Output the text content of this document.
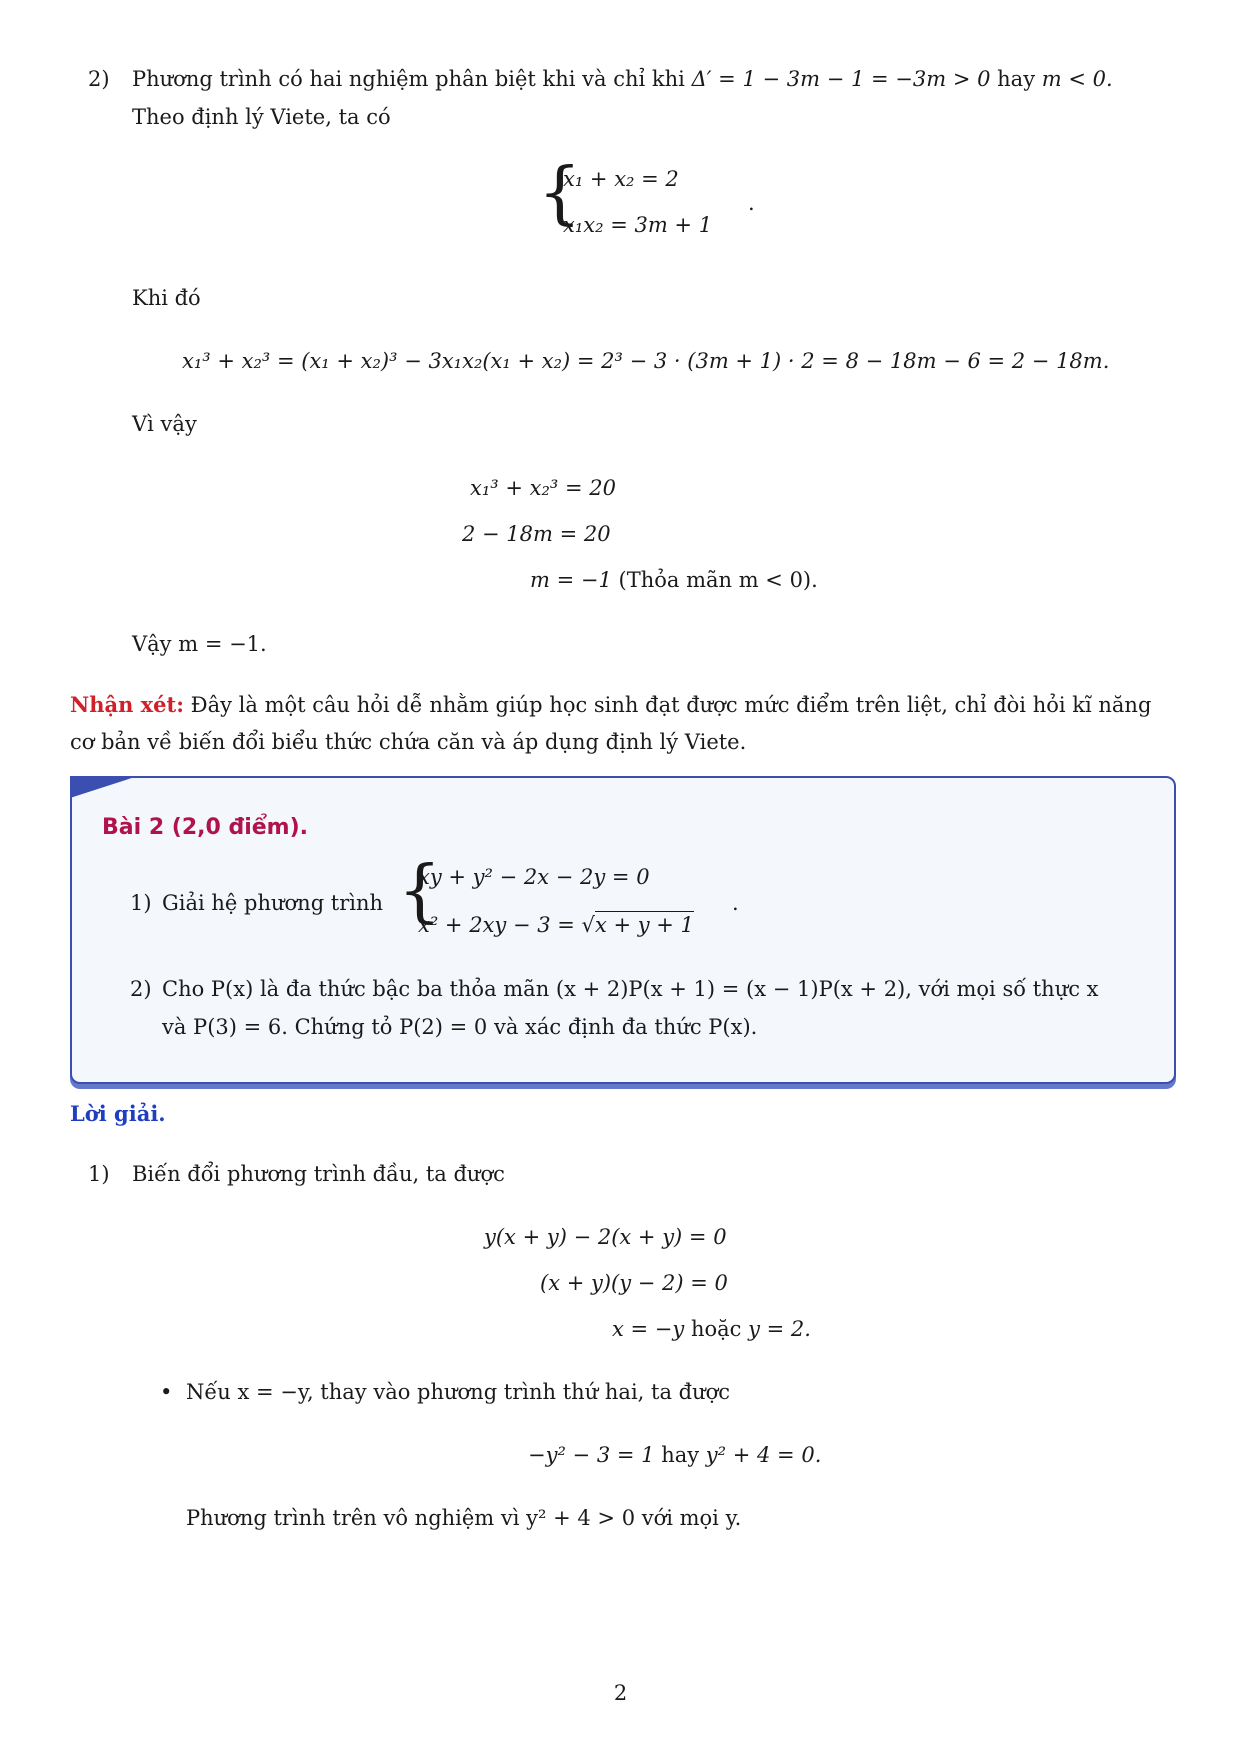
2) Phương trình có hai nghiệm phân biệt khi và chỉ khi Δ′ = 1 − 3m − 1 = −3m > 0 hay m < 0.
Theo định lý Viete, ta có
{
x₁ + x₂ = 2
x₁x₂ = 3m + 1
.
Khi đó
x₁³ + x₂³ = (x₁ + x₂)³ − 3x₁x₂(x₁ + x₂) = 2³ − 3 · (3m + 1) · 2 = 8 − 18m − 6 = 2 − 18m.
Vì vậy
x₁³ + x₂³ = 20
2 − 18m = 20
m = −1 (Thỏa mãn m < 0).
Vậy m = −1.
Nhận xét: Đây là một câu hỏi dễ nhằm giúp học sinh đạt được mức điểm trên liệt, chỉ đòi hỏi kĩ năng
cơ bản về biến đổi biểu thức chứa căn và áp dụng định lý Viete.
Bài 2 (2,0 điểm).
1) Giải hệ phương trình {
xy + y² − 2x − 2y = 0
x² + 2xy − 3 = √x + y + 1
.
2) Cho P(x) là đa thức bậc ba thỏa mãn (x + 2)P(x + 1) = (x − 1)P(x + 2), với mọi số thực x
và P(3) = 6. Chứng tỏ P(2) = 0 và xác định đa thức P(x).
Lời giải.
1) Biến đổi phương trình đầu, ta được
y(x + y) − 2(x + y) = 0
(x + y)(y − 2) = 0
x = −y hoặc y = 2.
• Nếu x = −y, thay vào phương trình thứ hai, ta được
−y² − 3 = 1 hay y² + 4 = 0.
Phương trình trên vô nghiệm vì y² + 4 > 0 với mọi y.
2
